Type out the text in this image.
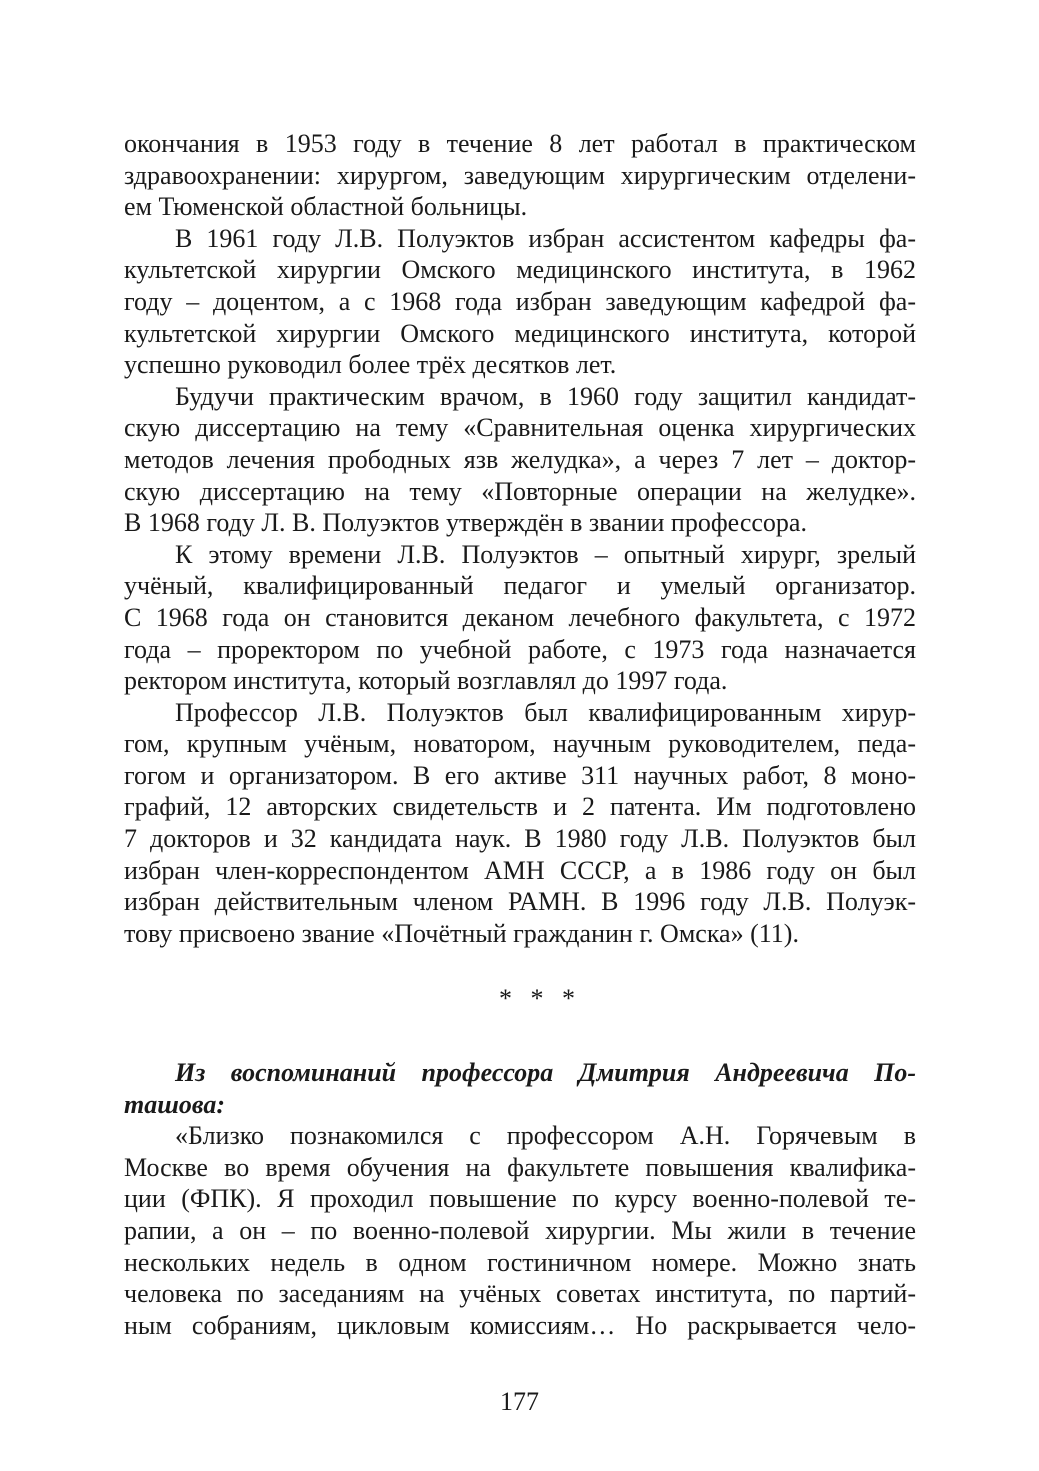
окончания в 1953 году в течение 8 лет работал в практическом
здравоохранении: хирургом, заведующим хирургическим отделени-
ем Тюменской областной больницы.
В 1961 году Л.В. Полуэктов избран ассистентом кафедры фа-
культетской хирургии Омского медицинского института, в 1962
году – доцентом, а с 1968 года избран заведующим кафедрой фа-
культетской хирургии Омского медицинского института, которой
успешно руководил более трёх десятков лет.
Будучи практическим врачом, в 1960 году защитил кандидат-
скую диссертацию на тему «Сравнительная оценка хирургических
методов лечения прободных язв желудка», а через 7 лет – доктор-
скую диссертацию на тему «Повторные операции на желудке».
В 1968 году Л. В. Полуэктов утверждён в звании профессора.
К этому времени Л.В. Полуэктов – опытный хирург, зрелый
учёный, квалифицированный педагог и умелый организатор.
С 1968 года он становится деканом лечебного факультета, с 1972
года – проректором по учебной работе, с 1973 года назначается
ректором института, который возглавлял до 1997 года.
Профессор Л.В. Полуэктов был квалифицированным хирур-
гом, крупным учёным, новатором, научным руководителем, педа-
гогом и организатором. В его активе 311 научных работ, 8 моно-
графий, 12 авторских свидетельств и 2 патента. Им подготовлено
7 докторов и 32 кандидата наук. В 1980 году Л.В. Полуэктов был
избран член-корреспондентом АМН СССР, а в 1986 году он был
избран действительным членом РАМН. В 1996 году Л.В. Полуэк-
тову присвоено звание «Почётный гражданин г. Омска» (11).
* * *
Из воспоминаний профессора Дмитрия Андреевича По-
ташова:
«Близко познакомился с профессором А.Н. Горячевым в
Москве во время обучения на факультете повышения квалифика-
ции (ФПК). Я проходил повышение по курсу военно-полевой те-
рапии, а он – по военно-полевой хирургии. Мы жили в течение
нескольких недель в одном гостиничном номере. Можно знать
человека по заседаниям на учёных советах института, по партий-
ным собраниям, цикловым комиссиям… Но раскрывается чело-
177
